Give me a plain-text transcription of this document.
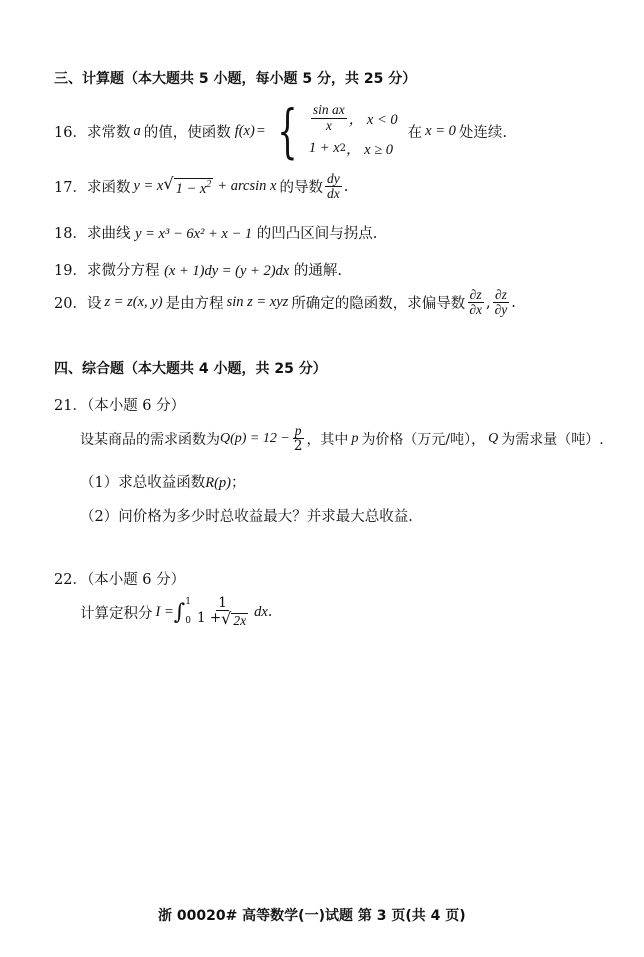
三、计算题（本大题共 5 小题，每小题 5 分，共 25 分）
16． 求常数 a 的值，使函数 f(x) = { $\frac{\text{sin ax}}{x}$ ， x < 0
1 + x 2 ， x ≥ 0
在 x = 0 处连续.
17． 求函数 y = x √ $1 - x^2 + \arcsin x$ 的导数 $\frac{dy}{dx}$ .
18．求曲线 y = x³ − 6x² + x − 1 的凹凸区间与拐点.
19．求微分方程 (x + 1)dy = (y + 2)dx 的通解.
20． 设 z = z(x, y) 是由方程 sin z = xyz 所确定的隐函数，求偏导数 $\frac{\partial z}{\partial x}$ , $\frac{\partial z}{\partial y}$ .
四、综合题（本大题共 4 小题，共 25 分）
21．（本小题 6 分）
设某商品的需求函数为 $Q(p) = 12 - \frac{p}{2}$ ，其中 p 为价格（万元/吨）， Q 为需求量（吨）.
（1）求总收益函数R(p)；
（2）问价格为多少时总收益最大？并求最大总收益.
22．（本小题 6 分）
计算定积分 I = ∫ 1
$0 \frac{1}{1 + √ 2x}$ dx .
浙 00020# 高等数学(一)试题 第 3 页(共 4 页)
